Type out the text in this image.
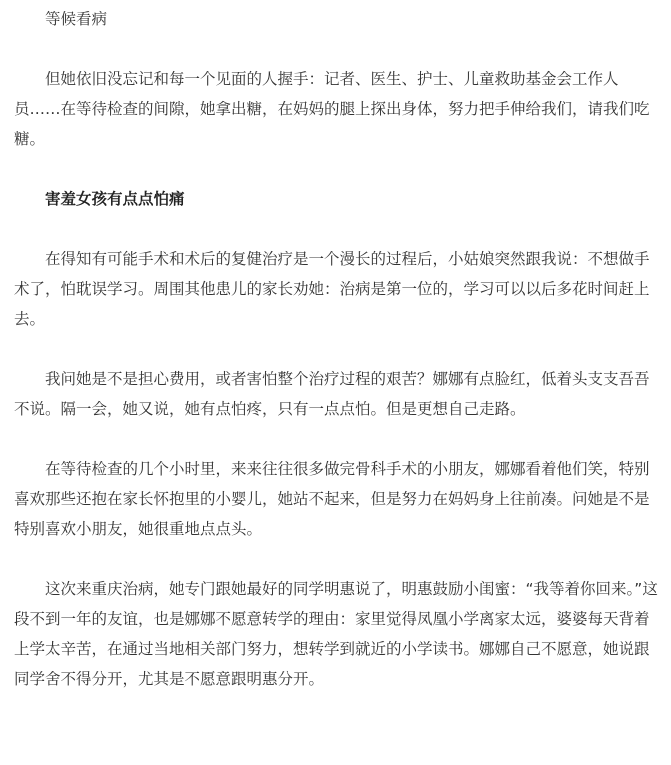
等候看病

但她依旧没忘记和每一个见面的人握手：记者、医生、护士、儿童救助基金会工作人员……在等待检查的间隙，她拿出糖，在妈妈的腿上探出身体，努力把手伸给我们，请我们吃糖。

害羞女孩有点点怕痛

在得知有可能手术和术后的复健治疗是一个漫长的过程后，小姑娘突然跟我说：不想做手术了，怕耽误学习。周围其他患儿的家长劝她：治病是第一位的，学习可以以后多花时间赶上去。

我问她是不是担心费用，或者害怕整个治疗过程的艰苦？娜娜有点脸红，低着头支支吾吾不说。隔一会，她又说，她有点怕疼，只有一点点怕。但是更想自己走路。

在等待检查的几个小时里，来来往往很多做完骨科手术的小朋友，娜娜看着他们笑，特别喜欢那些还抱在家长怀抱里的小婴儿，她站不起来，但是努力在妈妈身上往前凑。问她是不是特别喜欢小朋友，她很重地点点头。

这次来重庆治病，她专门跟她最好的同学明惠说了，明惠鼓励小闺蜜：“我等着你回来。”这段不到一年的友谊，也是娜娜不愿意转学的理由：家里觉得凤凰小学离家太远，婆婆每天背着上学太辛苦，在通过当地相关部门努力，想转学到就近的小学读书。娜娜自己不愿意，她说跟同学舍不得分开，尤其是不愿意跟明惠分开。
